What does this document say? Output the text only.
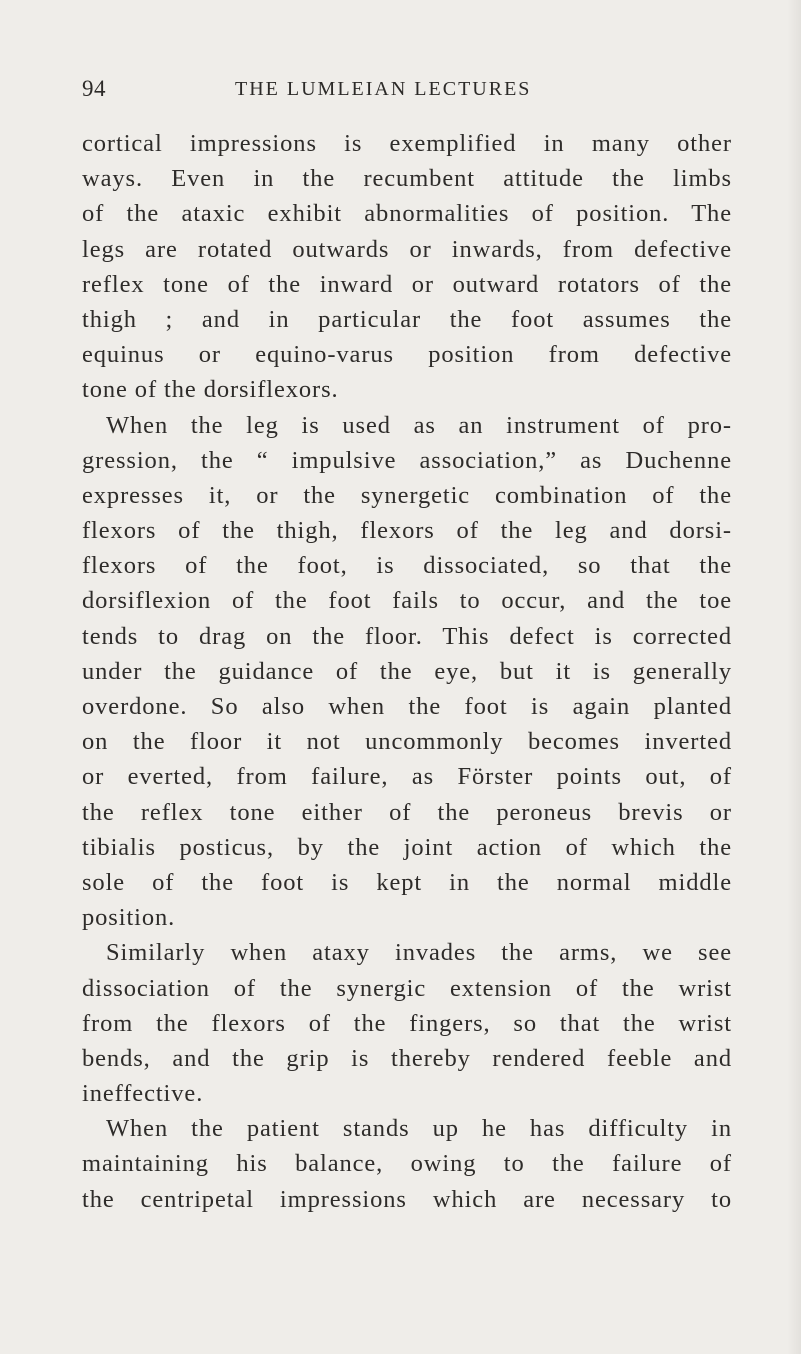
94	THE LUMLEIAN LECTURES
cortical impressions is exemplified in many other
ways. Even in the recumbent attitude the limbs
of the ataxic exhibit abnormalities of position. The
legs are rotated outwards or inwards, from defective
reflex tone of the inward or outward rotators of the
thigh ; and in particular the foot assumes the
equinus or equino-varus position from defective
tone of the dorsiflexors.
When the leg is used as an instrument of pro-
gression, the “ impulsive association,” as Duchenne
expresses it, or the synergetic combination of the
flexors of the thigh, flexors of the leg and dorsi-
flexors of the foot, is dissociated, so that the
dorsiflexion of the foot fails to occur, and the toe
tends to drag on the floor. This defect is corrected
under the guidance of the eye, but it is generally
overdone. So also when the foot is again planted
on the floor it not uncommonly becomes inverted
or everted, from failure, as Förster points out, of
the reflex tone either of the peroneus brevis or
tibialis posticus, by the joint action of which the
sole of the foot is kept in the normal middle
position.
Similarly when ataxy invades the arms, we see
dissociation of the synergic extension of the wrist
from the flexors of the fingers, so that the wrist
bends, and the grip is thereby rendered feeble and
ineffective.
When the patient stands up he has difficulty in
maintaining his balance, owing to the failure of
the centripetal impressions which are necessary to
